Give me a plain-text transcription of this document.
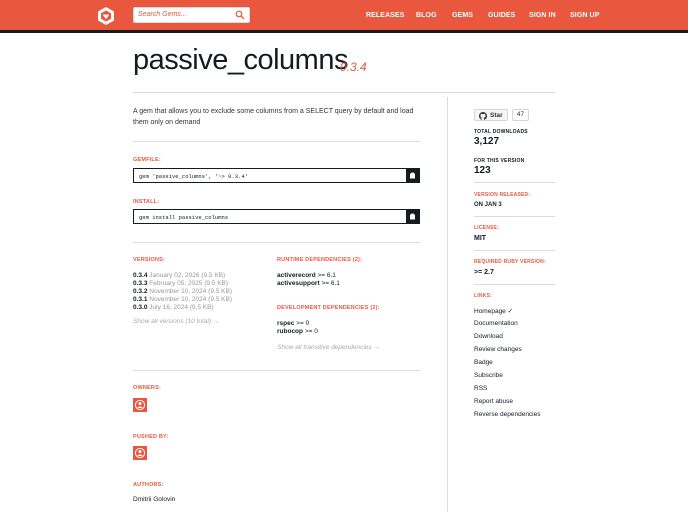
Search Gems...	RELEASES BLOG GEMS GUIDES SIGN IN SIGN UP
passive_columns
0.3.4

A gem that allows you to exclude some columns from a SELECT query by default and load them only on demand

GEMFILE:
gem 'passive_columns', '~> 0.3.4'
INSTALL:
gem install passive_columns
VERSIONS:
0.3.4 January 02, 2026 (9.5 KB)
0.3.3 February 05, 2025 (9.5 KB)
0.3.2 November 10, 2024 (9.5 KB)
0.3.1 November 10, 2024 (9.5 KB)
0.3.0 July 16, 2024 (9.5 KB)
Show all versions (10 total) →
RUNTIME DEPENDENCIES (2):
activerecord >= 6.1
activesupport >= 6.1
DEVELOPMENT DEPENDENCIES (2):
rspec >= 0
rubocop >= 0
Show all transitive dependencies →
OWNERS:
PUSHED BY:
AUTHORS:
Dmitrii Golovin
Star	47
TOTAL DOWNLOADS
3,127
FOR THIS VERSION
123
VERSION RELEASED:
ON JAN 3
LICENSE:
MIT
REQUIRED RUBY VERSION:
>= 2.7
LINKS:
Homepage ✓
Documentation
Download
Review changes
Badge
Subscribe
RSS
Report abuse
Reverse dependencies
